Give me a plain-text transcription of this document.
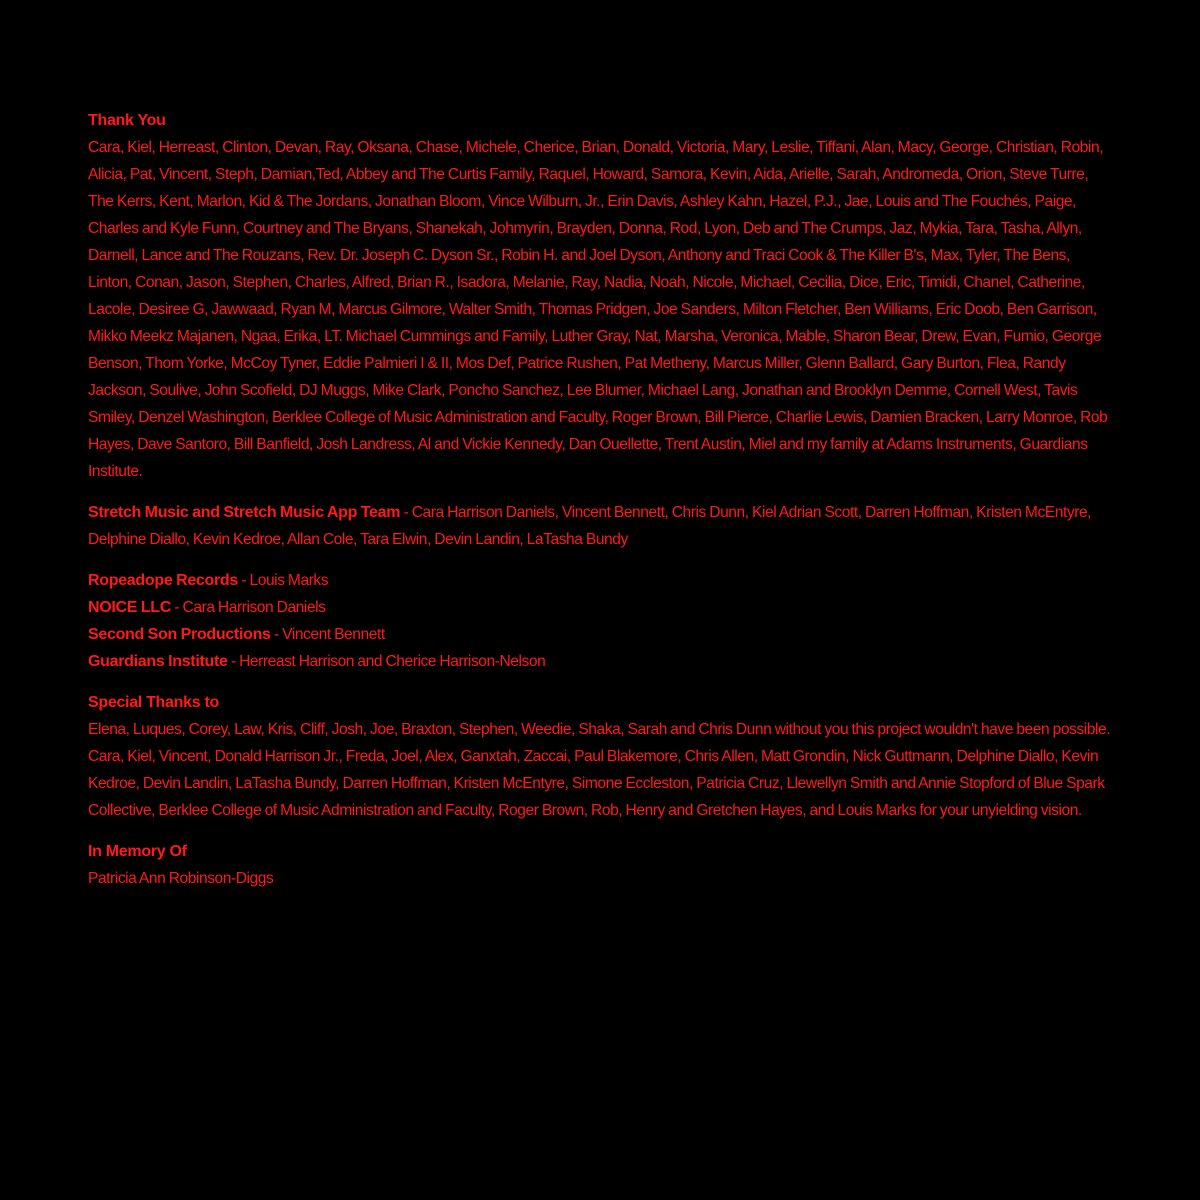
Thank You
Cara, Kiel, Herreast, Clinton, Devan, Ray, Oksana, Chase, Michele, Cherice, Brian, Donald, Victoria, Mary, Leslie, Tiffani, Alan, Macy, George, Christian, Robin, Alicia, Pat, Vincent, Steph, Damian,Ted, Abbey and The Curtis Family, Raquel, Howard, Samora, Kevin, Aida, Arielle, Sarah, Andromeda, Orion, Steve Turre, The Kerrs, Kent, Marlon, Kid & The Jordans, Jonathan Bloom, Vince Wilburn, Jr., Erin Davis, Ashley Kahn, Hazel, P.J., Jae, Louis and The Fouchés, Paige, Charles and Kyle Funn, Courtney and The Bryans, Shanekah, Johmyrin, Brayden, Donna, Rod, Lyon, Deb and The Crumps, Jaz, Mykia, Tara, Tasha, Allyn, Darnell, Lance and The Rouzans, Rev. Dr. Joseph C. Dyson Sr., Robin H. and Joel Dyson, Anthony and Traci Cook & The Killer B's, Max, Tyler, The Bens, Linton, Conan, Jason, Stephen, Charles, Alfred, Brian R., Isadora, Melanie, Ray, Nadia, Noah, Nicole, Michael, Cecilia, Dice, Eric, Timidi, Chanel, Catherine, Lacole, Desiree G, Jawwaad, Ryan M, Marcus Gilmore, Walter Smith, Thomas Pridgen, Joe Sanders, Milton Fletcher, Ben Williams, Eric Doob, Ben Garrison, Mikko Meekz Majanen, Ngaa, Erika, LT. Michael Cummings and Family, Luther Gray, Nat, Marsha, Veronica, Mable, Sharon Bear, Drew, Evan, Fumio, George Benson, Thom Yorke, McCoy Tyner, Eddie Palmieri I & II, Mos Def, Patrice Rushen, Pat Metheny, Marcus Miller, Glenn Ballard, Gary Burton, Flea, Randy Jackson, Soulive, John Scofield, DJ Muggs, Mike Clark, Poncho Sanchez, Lee Blumer, Michael Lang, Jonathan and Brooklyn Demme, Cornell West, Tavis Smiley, Denzel Washington, Berklee College of Music Administration and Faculty, Roger Brown, Bill Pierce, Charlie Lewis, Damien Bracken, Larry Monroe, Rob Hayes, Dave Santoro, Bill Banfield, Josh Landress, Al and Vickie Kennedy, Dan Ouellette, Trent Austin, Miel and my family at Adams Instruments, Guardians Institute.
Stretch Music and Stretch Music App Team - Cara Harrison Daniels, Vincent Bennett, Chris Dunn, Kiel Adrian Scott, Darren Hoffman, Kristen McEntyre, Delphine Diallo, Kevin Kedroe, Allan Cole, Tara Elwin, Devin Landin, LaTasha Bundy
Ropeadope Records - Louis Marks
NOICE LLC - Cara Harrison Daniels
Second Son Productions - Vincent Bennett
Guardians Institute - Herreast Harrison and Cherice Harrison-Nelson
Special Thanks to
Elena, Luques, Corey, Law, Kris, Cliff, Josh, Joe, Braxton, Stephen, Weedie, Shaka, Sarah and Chris Dunn without you this project wouldn't have been possible. Cara, Kiel, Vincent, Donald Harrison Jr., Freda, Joel, Alex, Ganxtah, Zaccai, Paul Blakemore, Chris Allen, Matt Grondin, Nick Guttmann, Delphine Diallo, Kevin Kedroe, Devin Landin, LaTasha Bundy, Darren Hoffman, Kristen McEntyre, Simone Eccleston, Patricia Cruz, Llewellyn Smith and Annie Stopford of Blue Spark Collective, Berklee College of Music Administration and Faculty, Roger Brown, Rob, Henry and Gretchen Hayes, and Louis Marks for your unyielding vision.
In Memory Of
Patricia Ann Robinson-Diggs
